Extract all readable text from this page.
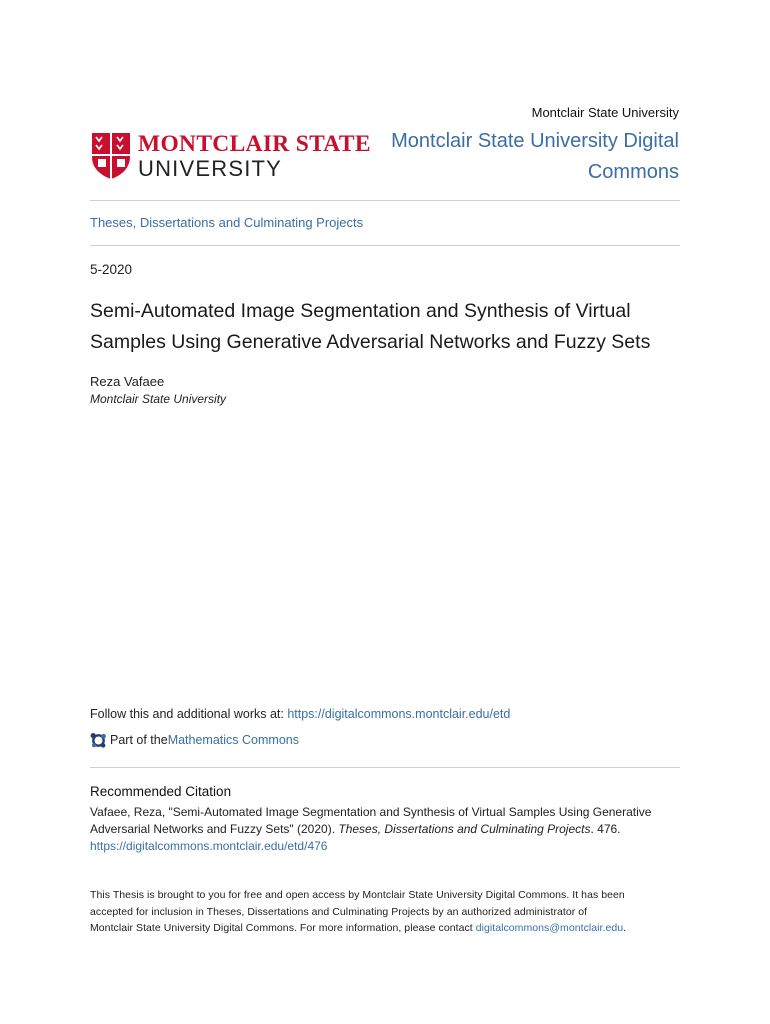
Montclair State University
MONTCLAIR STATE
UNIVERSITY
Montclair State University Digital
Commons
Theses, Dissertations and Culminating Projects
5-2020
Semi-Automated Image Segmentation and Synthesis of Virtual
Samples Using Generative Adversarial Networks and Fuzzy Sets
Reza Vafaee
Montclair State University
Follow this and additional works at: https://digitalcommons.montclair.edu/etd
Part of the Mathematics Commons
Recommended Citation
Vafaee, Reza, "Semi-Automated Image Segmentation and Synthesis of Virtual Samples Using Generative
Adversarial Networks and Fuzzy Sets" (2020). Theses, Dissertations and Culminating Projects. 476.
https://digitalcommons.montclair.edu/etd/476
This Thesis is brought to you for free and open access by Montclair State University Digital Commons. It has been
accepted for inclusion in Theses, Dissertations and Culminating Projects by an authorized administrator of
Montclair State University Digital Commons. For more information, please contact digitalcommons@montclair.edu.
